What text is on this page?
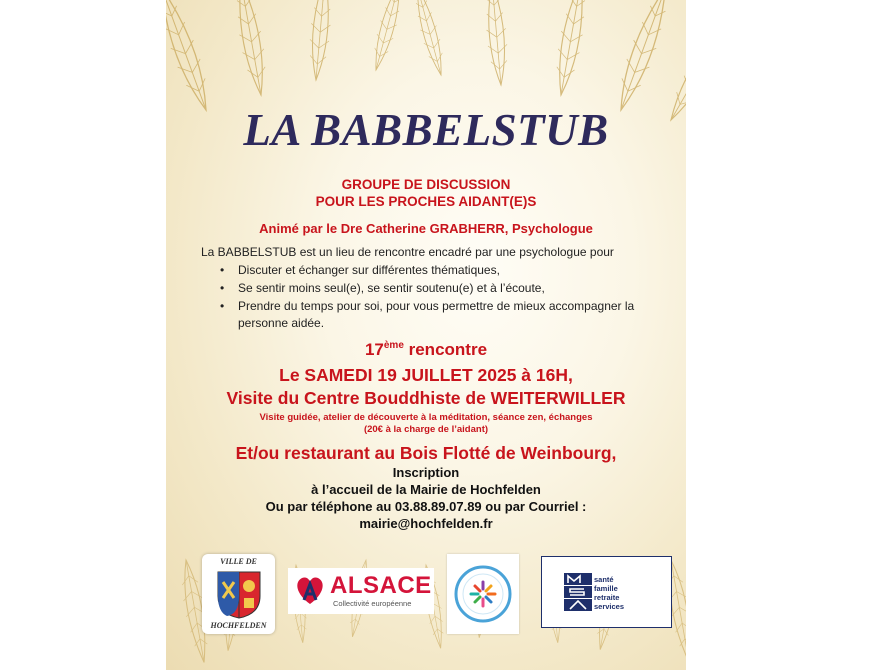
LA BABBELSTUB
GROUPE DE DISCUSSION
POUR LES PROCHES AIDANT(E)S
Animé par le Dre Catherine GRABHERR, Psychologue
La BABBELSTUB est un lieu de rencontre encadré par une psychologue pour
• Discuter et échanger sur différentes thématiques,
• Se sentir moins seul(e), se sentir soutenu(e) et à l’écoute,
• Prendre du temps pour soi, pour vous permettre de mieux accompagner la personne aidée.
17ème rencontre
Le SAMEDI 19 JUILLET 2025 à 16H,
Visite du Centre Bouddhiste de WEITERWILLER
Visite guidée, atelier de découverte à la méditation, séance zen, échanges
(20€ à la charge de l’aidant)
Et/ou restaurant au Bois Flotté de Weinbourg,
Inscription
à l’accueil de la Mairie de Hochfelden
Ou par téléphone au 03.88.89.07.89 ou par Courriel :
mairie@hochfelden.fr
VILLE DE
HOCHFELDEN
ALSACE
Collectivité européenne
santé
famille
retraite
services
